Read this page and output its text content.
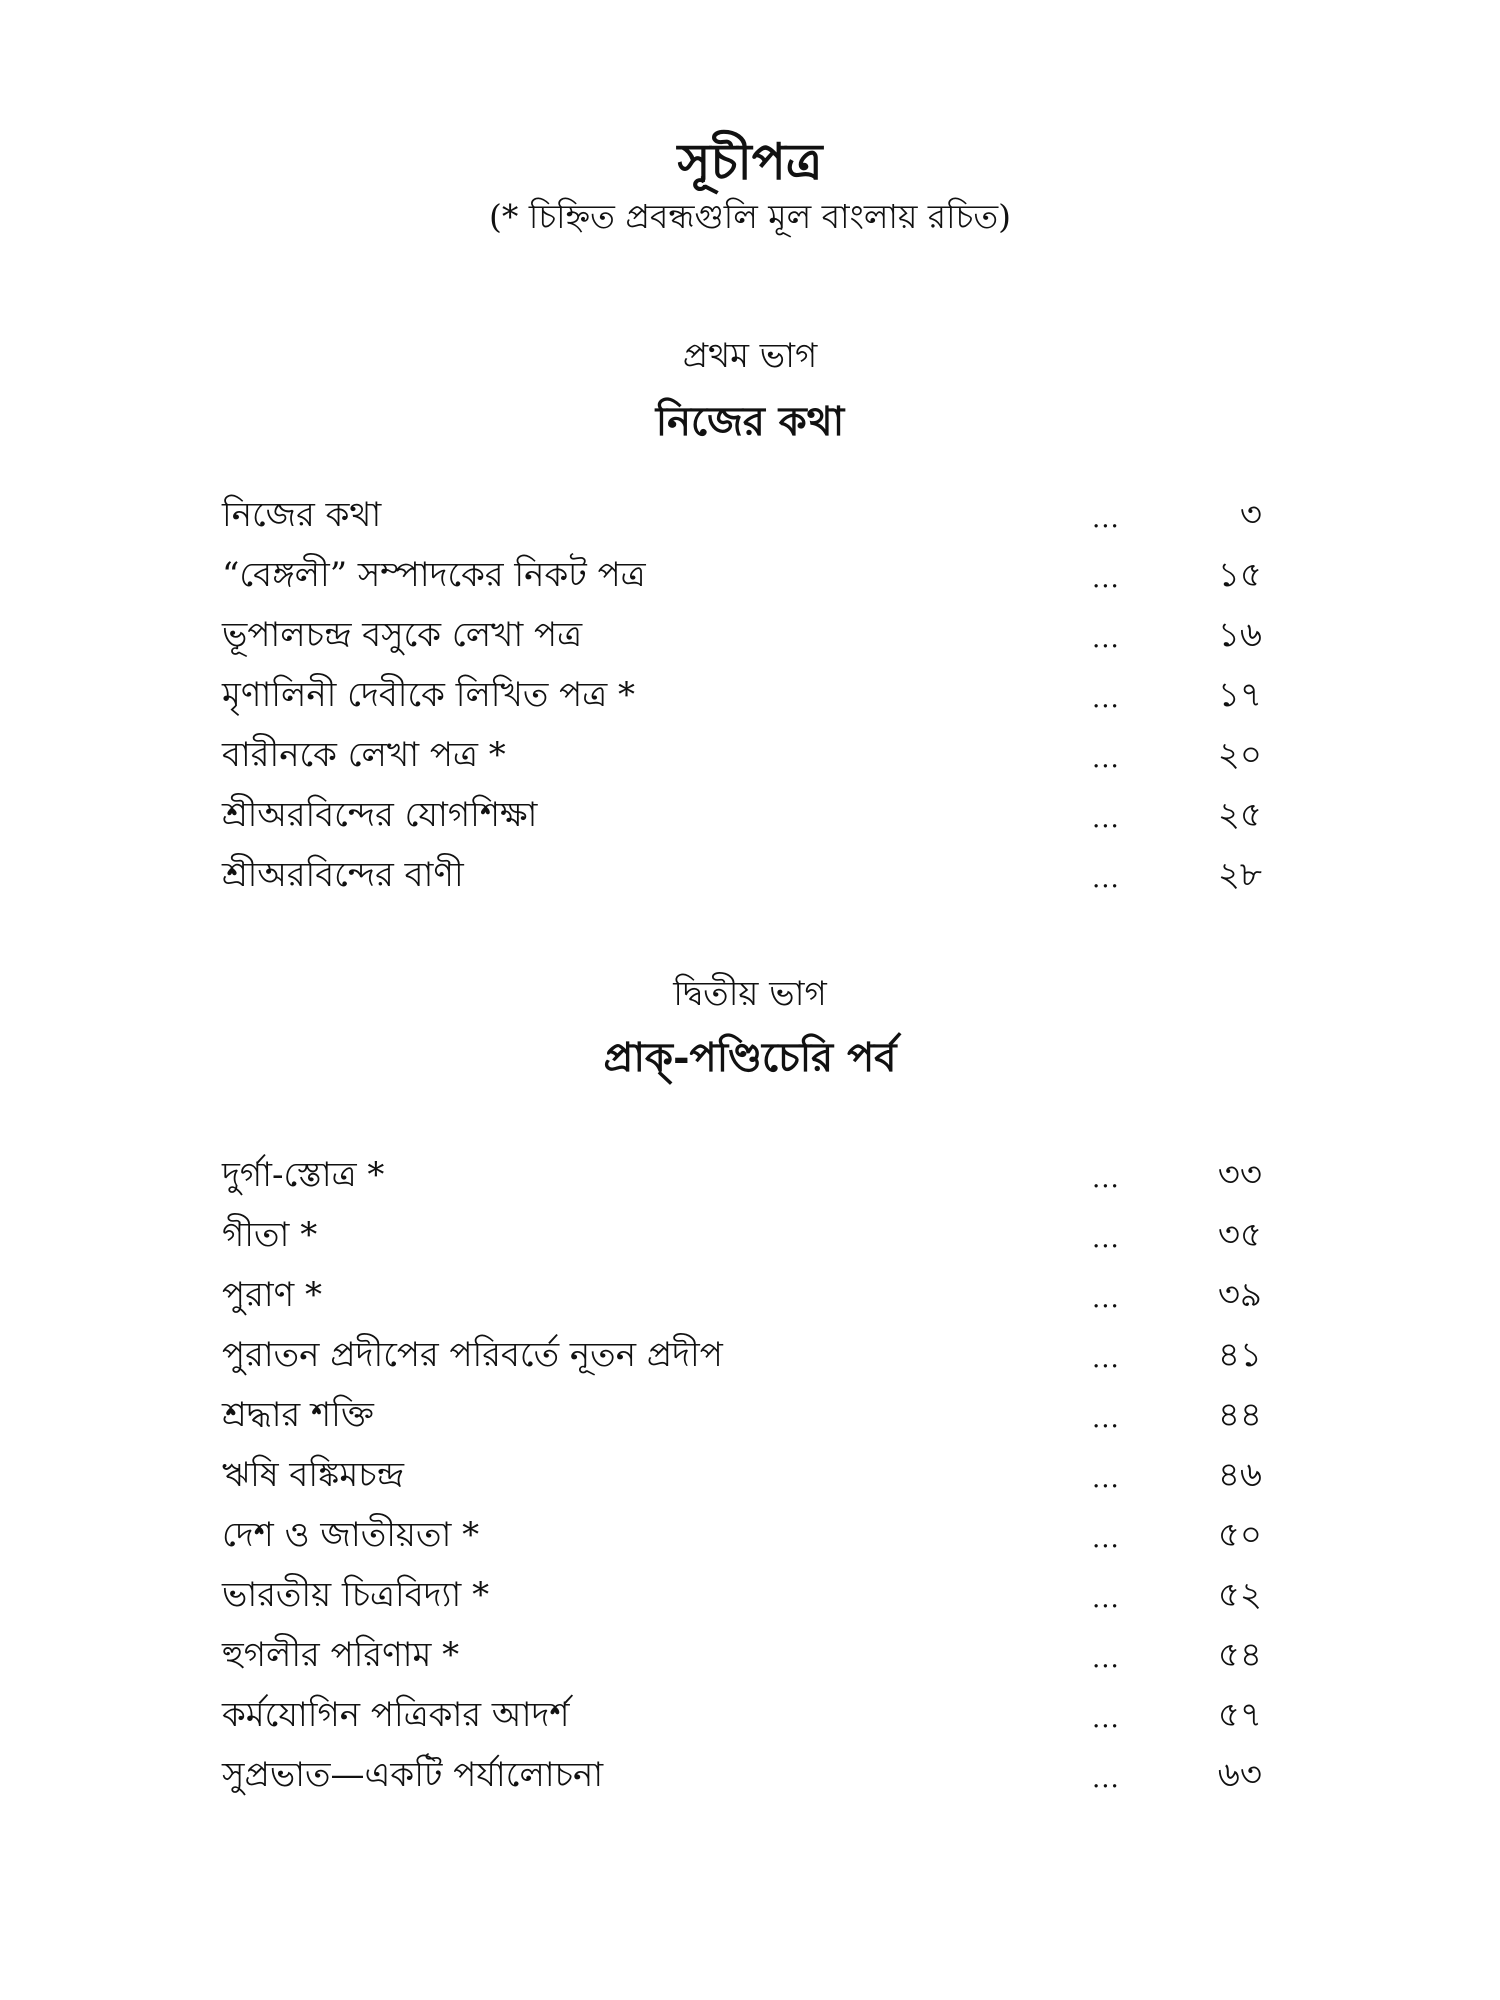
সূচীপত্র
(* চিহ্নিত প্রবন্ধগুলি মূল বাংলায় রচিত)
প্রথম ভাগ
নিজের কথা
নিজের কথা	...	৩
“বেঙ্গলী” সম্পাদকের নিকট পত্র	...	১৫
ভূপালচন্দ্র বসুকে লেখা পত্র	...	১৬
মৃণালিনী দেবীকে লিখিত পত্র *	...	১৭
বারীনকে লেখা পত্র *	...	২০
শ্রীঅরবিন্দের যোগশিক্ষা	...	২৫
শ্রীঅরবিন্দের বাণী	...	২৮
দ্বিতীয় ভাগ
প্রাক্-পণ্ডিচেরি পর্ব
দুর্গা-স্তোত্র *	...	৩৩
গীতা *	...	৩৫
পুরাণ *	...	৩৯
পুরাতন প্রদীপের পরিবর্তে নূতন প্রদীপ	...	৪১
শ্রদ্ধার শক্তি	...	৪৪
ঋষি বঙ্কিমচন্দ্র	...	৪৬
দেশ ও জাতীয়তা *	...	৫০
ভারতীয় চিত্রবিদ্যা *	...	৫২
হুগলীর পরিণাম *	...	৫৪
কর্মযোগিন পত্রিকার আদর্শ	...	৫৭
সুপ্রভাত—একটি পর্যালোচনা	...	৬৩
